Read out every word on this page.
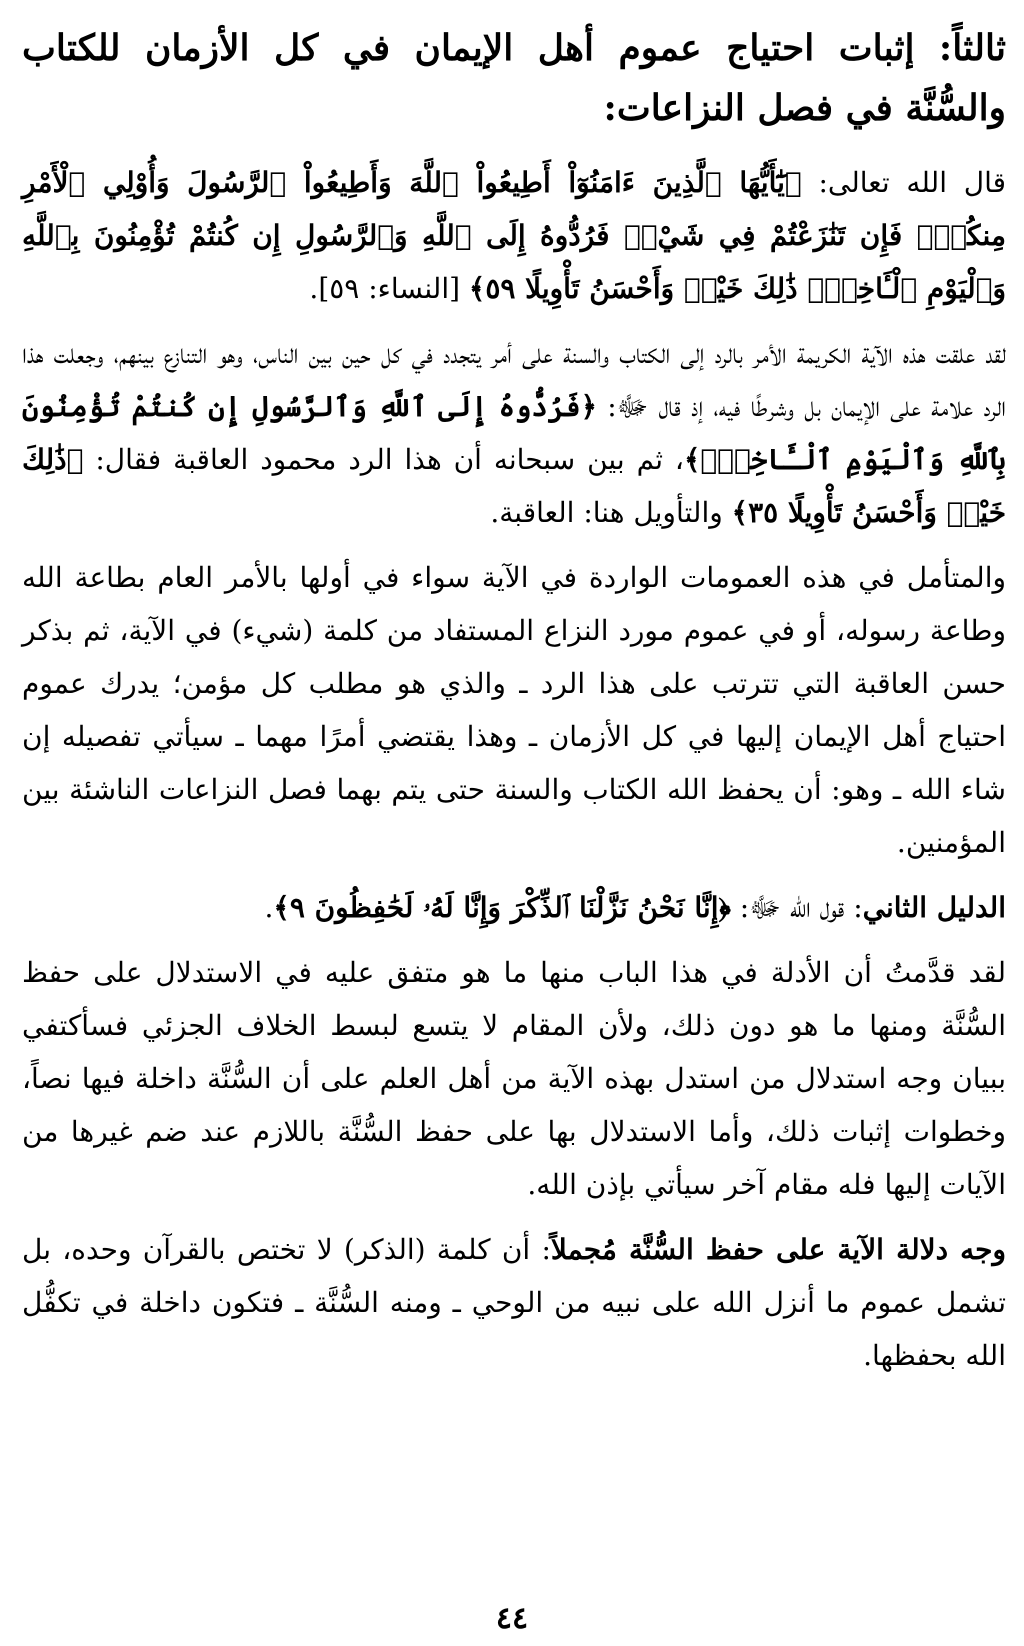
ثالثاً: إثبات احتياج عموم أهل الإيمان في كل الأزمان للكتاب والسُّنَّة في فصل النزاعات:

قال الله تعالى: ﴿يَٰٓأَيُّهَا ٱلَّذِينَ ءَامَنُوٓاْ أَطِيعُواْ ٱللَّهَ وَأَطِيعُواْ ٱلرَّسُولَ وَأُوْلِي ٱلْأَمْرِ مِنكُمْۖ فَإِن تَنَٰزَعْتُمْ فِي شَيْءٖ فَرُدُّوهُ إِلَى ٱللَّهِ وَٱلرَّسُولِ إِن كُنتُمْ تُؤْمِنُونَ بِٱللَّهِ وَٱلْيَوْمِ ٱلْـَٔاخِرِۚ ذَٰلِكَ خَيْرٞ وَأَحْسَنُ تَأْوِيلًا ٥٩﴾ [النساء: ٥٩].

لقد علقت هذه الآية الكريمة الأمر بالرد إلى الكتاب والسنة على أمر يتجدد في كل حين بين الناس، وهو التنازع بينهم، وجعلت هذا الرد علامة على الإيمان بل وشرطًا فيه، إذ قال ﷻ: ﴿فَرُدُّوهُ إِلَى ٱللَّهِ وَٱلرَّسُولِ إِن كُنتُمْ تُؤْمِنُونَ بِٱللَّهِ وَٱلْيَوْمِ ٱلْـَٔاخِرِۚ﴾، ثم بين سبحانه أن هذا الرد محمود العاقبة فقال: ﴿ذَٰلِكَ خَيْرٞ وَأَحْسَنُ تَأْوِيلًا ٣٥﴾ والتأويل هنا: العاقبة.

والمتأمل في هذه العمومات الواردة في الآية سواء في أولها بالأمر العام بطاعة الله وطاعة رسوله، أو في عموم مورد النزاع المستفاد من كلمة (شيء) في الآية، ثم بذكر حسن العاقبة التي تترتب على هذا الرد ـ والذي هو مطلب كل مؤمن؛ يدرك عموم احتياج أهل الإيمان إليها في كل الأزمان ـ وهذا يقتضي أمرًا مهما ـ سيأتي تفصيله إن شاء الله ـ وهو: أن يحفظ الله الكتاب والسنة حتى يتم بهما فصل النزاعات الناشئة بين المؤمنين.

الدليل الثاني: قول الله ﷻ: ﴿إِنَّا نَحْنُ نَزَّلْنَا ٱلذِّكْرَ وَإِنَّا لَهُۥ لَحَٰفِظُونَ ٩﴾.

لقد قدَّمتُ أن الأدلة في هذا الباب منها ما هو متفق عليه في الاستدلال على حفظ السُّنَّة ومنها ما هو دون ذلك، ولأن المقام لا يتسع لبسط الخلاف الجزئي فسأكتفي ببيان وجه استدلال من استدل بهذه الآية من أهل العلم على أن السُّنَّة داخلة فيها نصاً، وخطوات إثبات ذلك، وأما الاستدلال بها على حفظ السُّنَّة باللازم عند ضم غيرها من الآيات إليها فله مقام آخر سيأتي بإذن الله.

وجه دلالة الآية على حفظ السُّنَّة مُجملاً: أن كلمة (الذكر) لا تختص بالقرآن وحده، بل تشمل عموم ما أنزل الله على نبيه من الوحي ـ ومنه السُّنَّة ـ فتكون داخلة في تكفُّل الله بحفظها.

٤٤
